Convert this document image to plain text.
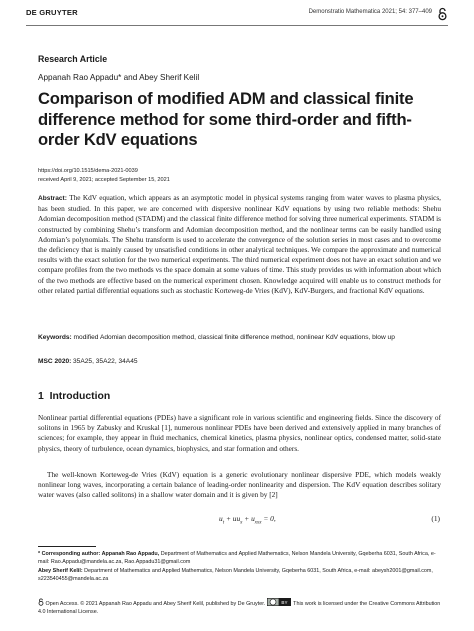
DE GRUYTER	Demonstratio Mathematica 2021; 54: 377–409
Research Article
Appanah Rao Appadu* and Abey Sherif Kelil
Comparison of modified ADM and classical finite difference method for some third-order and fifth-order KdV equations
https://doi.org/10.1515/dema-2021-0039
received April 9, 2021; accepted September 15, 2021

Abstract: The KdV equation, which appears as an asymptotic model in physical systems ranging from water waves to plasma physics, has been studied. In this paper, we are concerned with dispersive nonlinear KdV equations by using two reliable methods: Shehu Adomian decomposition method (STADM) and the classical finite difference method for solving three numerical experiments. STADM is constructed by combining Shehu’s transform and Adomian decomposition method, and the nonlinear terms can be easily handled using Adomian’s polynomials. The Shehu transform is used to accelerate the convergence of the solution series in most cases and to overcome the deficiency that is mainly caused by unsatisfied conditions in other analytical techniques. We compare the approximate and numerical results with the exact solution for the two numerical experiments. The third numerical experiment does not have an exact solution and we compare profiles from the two methods vs the space domain at some values of time. This study provides us with information about which of the two methods are effective based on the numerical experiment chosen. Knowledge acquired will enable us to construct methods for other related partial differential equations such as stochastic Korteweg-de Vries (KdV), KdV-Burgers, and fractional KdV equations.

Keywords: modified Adomian decomposition method, classical finite difference method, nonlinear KdV equations, blow up

MSC 2020: 35A25, 35A22, 34A45

1 Introduction

Nonlinear partial differential equations (PDEs) have a significant role in various scientific and engineering fields. Since the discovery of solitons in 1965 by Zabusky and Kruskal [1], numerous nonlinear PDEs have been derived and extensively applied in many branches of sciences; for example, they appear in fluid mechanics, chemical kinetics, plasma physics, nonlinear optics, condensed matter, solid-state physics, theory of turbulence, ocean dynamics, biophysics, and star formation and others.

The well-known Korteweg-de Vries (KdV) equation is a generic evolutionary nonlinear dispersive PDE, which models weakly nonlinear long waves, incorporating a certain balance of leading-order nonlinearity and dispersion. The KdV equation describes solitary water waves (also called solitons) in a shallow water domain and it is given by [2]

$u_t + uu_x + u_{xxx} = 0$,	(1)
* Corresponding author: Appanah Rao Appadu, Department of Mathematics and Applied Mathematics, Nelson Mandela University, Gqeberha 6031, South Africa, e-mail: Rao.Appadu@mandela.ac.za, Rao.Appadu31@gmail.com
Abey Sherif Kelil: Department of Mathematics and Applied Mathematics, Nelson Mandela University, Gqeberha 6031, South Africa, e-mail: abeysh2001@gmail.com, s223540455@mandela.ac.za
Open Access. © 2021 Appanah Rao Appadu and Abey Sherif Kelil, published by De Gruyter.	BY This work is licensed under the Creative Commons Attribution 4.0 International License.
